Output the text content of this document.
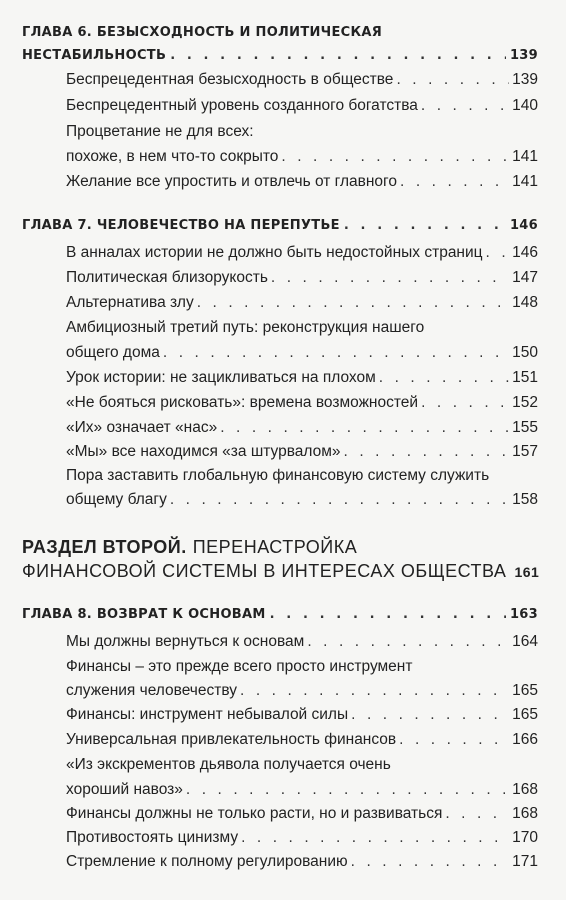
ГЛАВА 6. БЕЗЫСХОДНОСТЬ И ПОЛИТИЧЕСКАЯ
НЕСТАБИЛЬНОСТЬ . . .	139
Беспрецедентная безысходность в обществе . . .	139
Беспрецедентный уровень созданного богатства . . .	140
Процветание не для всех:
похоже, в нем что-то сокрыто . . .	141
Желание все упростить и отвлечь от главного . . .	141
ГЛАВА 7. ЧЕЛОВЕЧЕСТВО НА ПЕРЕПУТЬЕ . . .	146
В анналах истории не должно быть недостойных страниц . . . 146
Политическая близорукость . . .	147
Альтернатива злу . . .	148
Амбициозный третий путь: реконструкция нашего
общего дома . . .	150
Урок истории: не зацикливаться на плохом . . .	151
«Не бояться рисковать»: времена возможностей . . .	152
«Их» означает «нас» . . .	155
«Мы» все находимся «за штурвалом» . . .	157
Пора заставить глобальную финансовую систему служить
общему благу . . .	158
РАЗДЕЛ ВТОРОЙ. ПЕРЕНАСТРОЙКА
ФИНАНСОВОЙ СИСТЕМЫ В ИНТЕРЕСАХ ОБЩЕСТВА 161
ГЛАВА 8. ВОЗВРАТ К ОСНОВАМ . . .	163
Мы должны вернуться к основам . . .	164
Финансы – это прежде всего просто инструмент
служения человечеству . . .	165
Финансы: инструмент небывалой силы . . .	165
Универсальная привлекательность финансов . . .	166
«Из экскрементов дьявола получается очень
хороший навоз» . . .	168
Финансы должны не только расти, но и развиваться . . .	168
Противостоять цинизму . . .	170
Стремление к полному регулированию . . .	171
